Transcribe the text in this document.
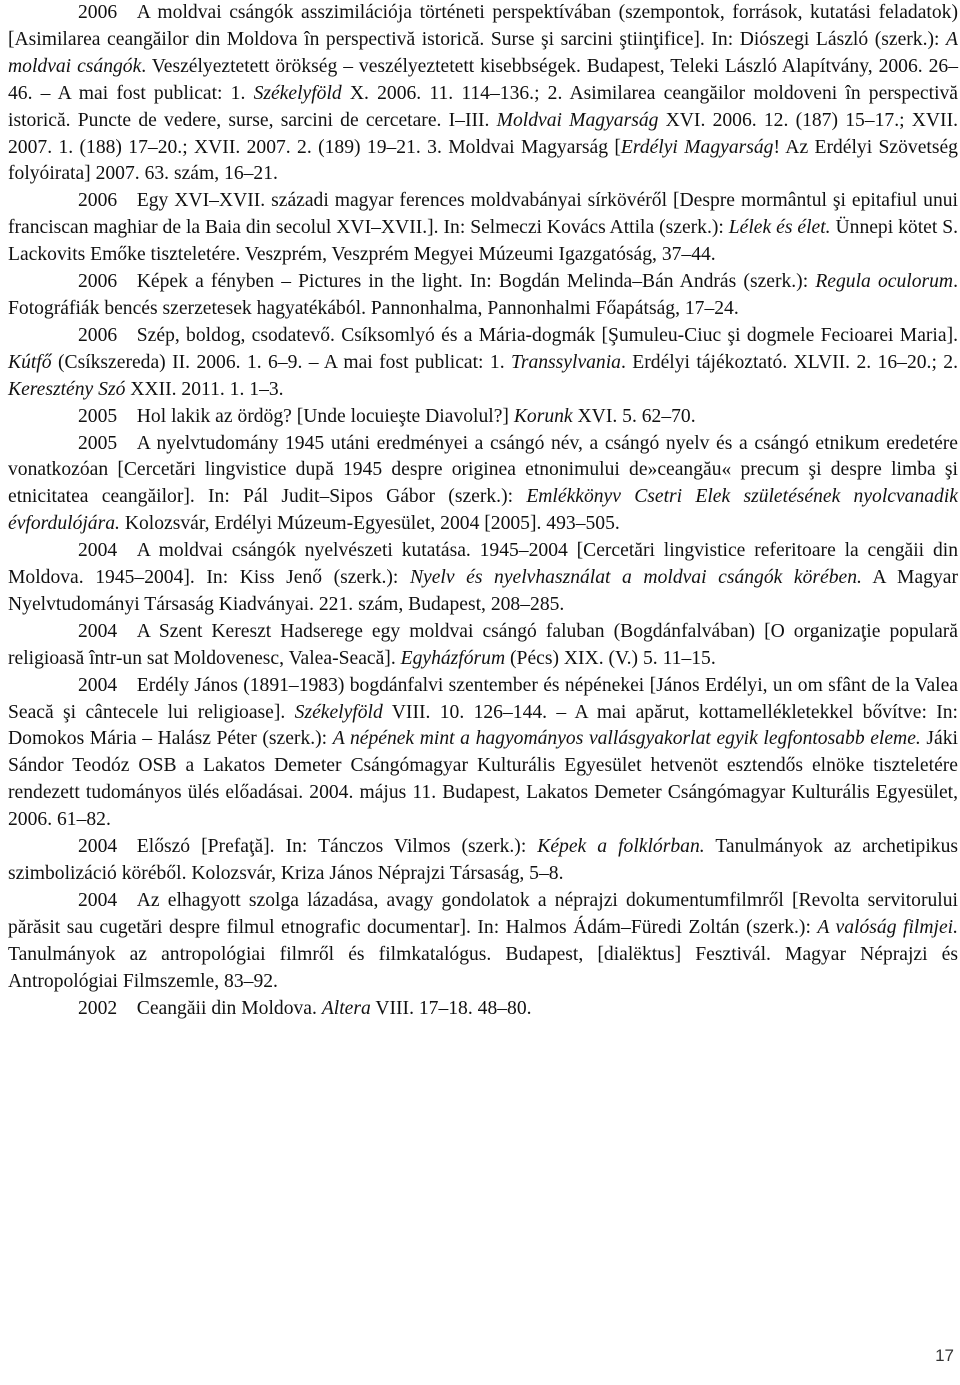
2006  A moldvai csángók asszimilációja történeti perspektívában (szempontok, források, kutatási feladatok) [Asimilarea ceangăilor din Moldova în perspectivă istorică. Surse şi sarcini ştiinţifice]. In: Diószegi László (szerk.): A moldvai csángók. Veszélyeztetett örökség – veszélyeztetett kisebbségek. Budapest, Teleki László Alapítvány, 2006. 26–46. – A mai fost publicat: 1. Székelyföld X. 2006. 11. 114–136.; 2. Asimilarea ceangăilor moldoveni în perspectivă istorică. Puncte de vedere, surse, sarcini de cercetare. I–III. Moldvai Magyarság XVI. 2006. 12. (187) 15–17.; XVII. 2007. 1. (188) 17–20.; XVII. 2007. 2. (189) 19–21. 3. Moldvai Magyarság [Erdélyi Magyarság! Az Erdélyi Szövetség folyóirata] 2007. 63. szám, 16–21.

2006  Egy XVI–XVII. századi magyar ferences moldvabányai sírkövéről [Despre mormântul şi epitafiul unui franciscan maghiar de la Baia din secolul XVI–XVII.]. In: Selmeczi Kovács Attila (szerk.): Lélek és élet. Ünnepi kötet S. Lackovits Emőke tiszteletére. Veszprém, Veszprém Megyei Múzeumi Igazgatóság, 37–44.

2006  Képek a fényben – Pictures in the light. In: Bogdán Melinda–Bán András (szerk.): Regula oculorum. Fotográfiák bencés szerzetesek hagyatékából. Pannonhalma, Pannonhalmi Főapátság, 17–24.

2006  Szép, boldog, csodatevő. Csíksomlyó és a Mária-dogmák [Şumuleu-Ciuc şi dogmele Fecioarei Maria]. Kútfő (Csíkszereda) II. 2006. 1. 6–9. – A mai fost publicat: 1. Transsylvania. Erdélyi tájékoztató. XLVII. 2. 16–20.; 2. Keresztény Szó XXII. 2011. 1. 1–3.

2005  Hol lakik az ördög? [Unde locuieşte Diavolul?] Korunk XVI. 5. 62–70.

2005  A nyelvtudomány 1945 utáni eredményei a csángó név, a csángó nyelv és a csángó etnikum eredetére vonatkozóan [Cercetări lingvistice după 1945 despre originea etnonimului de»ceangău« precum şi despre limba şi etnicitatea ceangăilor]. In: Pál Judit–Sipos Gábor (szerk.): Emlékkönyv Csetri Elek születésének nyolcvanadik évfordulójára. Kolozsvár, Erdélyi Múzeum-Egyesület, 2004 [2005]. 493–505.

2004  A moldvai csángók nyelvészeti kutatása. 1945–2004 [Cercetări lingvistice referitoare la cengăii din Moldova. 1945–2004]. In: Kiss Jenő (szerk.): Nyelv és nyelvhasználat a moldvai csángók körében. A Magyar Nyelvtudományi Társaság Kiadványai. 221. szám, Budapest, 208–285.

2004  A Szent Kereszt Hadserege egy moldvai csángó faluban (Bogdánfalvában) [O organizaţie populară religioasă într-un sat Moldovenesc, Valea-Seacă]. Egyházfórum (Pécs) XIX. (V.) 5. 11–15.

2004  Erdély János (1891–1983) bogdánfalvi szentember és népénekei [János Erdélyi, un om sfânt de la Valea Seacă şi cântecele lui religioase]. Székelyföld VIII. 10. 126–144. – A mai apărut, kottamellékletekkel bővítve: In: Domokos Mária – Halász Péter (szerk.): A népének mint a hagyományos vallásgyakorlat egyik legfontosabb eleme. Jáki Sándor Teodóz OSB a Lakatos Demeter Csángómagyar Kulturális Egyesület hetvenöt esztendős elnöke tiszteletére rendezett tudományos ülés előadásai. 2004. május 11. Budapest, Lakatos Demeter Csángómagyar Kulturális Egyesület, 2006. 61–82.

2004  Előszó [Prefaţă]. In: Tánczos Vilmos (szerk.): Képek a folklórban. Tanulmányok az archetipikus szimbolizáció köréből. Kolozsvár, Kriza János Néprajzi Társaság, 5–8.

2004  Az elhagyott szolga lázadása, avagy gondolatok a néprajzi dokumentumfilmről [Revolta servitorului părăsit sau cugetări despre filmul etnografic documentar]. In: Halmos Ádám–Füredi Zoltán (szerk.): A valóság filmjei. Tanulmányok az antropológiai filmről és filmkatalógus. Budapest, [dialëktus] Fesztivál. Magyar Néprajzi és Antropológiai Filmszemle, 83–92.

2002  Ceangăii din Moldova. Altera VIII. 17–18. 48–80.

17
